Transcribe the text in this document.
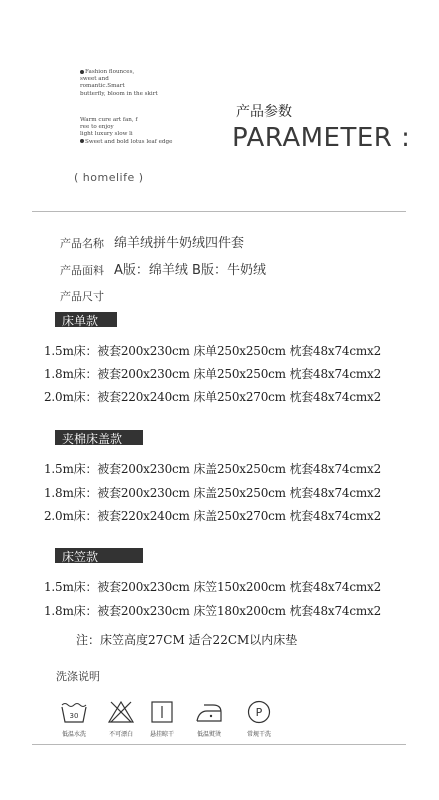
Fashion flounces,
sweet and
romantic.Smart
butterfly, bloom in the skirt
Warm cure art fan, f
ree to enjoy
light luxury slow li
Sweet and bold lotus leaf edge
( homelife )
产品参数
PARAMETER :
产品名称 绵羊绒拼牛奶绒四件套
产品面料 A版：绵羊绒 B版：牛奶绒
产品尺寸
床单款
1.5m床：被套200x230cm 床单250x250cm 枕套48x74cmx2
1.8m床：被套200x230cm 床单250x250cm 枕套48x74cmx2
2.0m床：被套220x240cm 床单250x270cm 枕套48x74cmx2
夹棉床盖款
1.5m床：被套200x230cm 床盖250x250cm 枕套48x74cmx2
1.8m床：被套200x230cm 床盖250x250cm 枕套48x74cmx2
2.0m床：被套220x240cm 床盖250x270cm 枕套48x74cmx2
床笠款
1.5m床：被套200x230cm 床笠150x200cm 枕套48x74cmx2
1.8m床：被套200x230cm 床笠180x200cm 枕套48x74cmx2
注：床笠高度27CM 适合22CM以内床垫
洗涤说明
30
低温水洗	不可漂白	悬挂晾干	低温熨烫
P
常规干洗
